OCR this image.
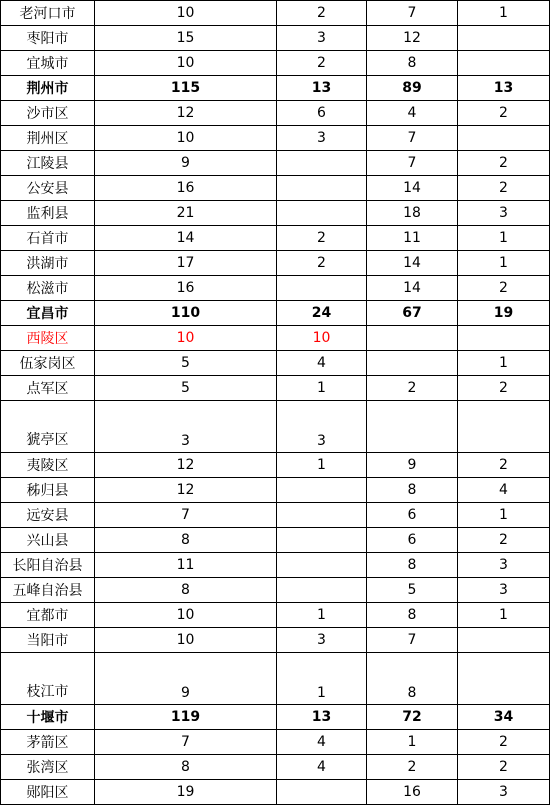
老河口市	10	2	7	1
枣阳市	15	3	12	
宜城市	10	2	8	
荆州市	115	13	89	13
沙市区	12	6	4	2
荆州区	10	3	7	
江陵县	9		7	2
公安县	16		14	2
监利县	21		18	3
石首市	14	2	11	1
洪湖市	17	2	14	1
松滋市	16		14	2
宜昌市	110	24	67	19
西陵区	10	10		
伍家岗区	5	4		1
点军区	5	1	2	2
猇亭区	3	3		
夷陵区	12	1	9	2
秭归县	12		8	4
远安县	7		6	1
兴山县	8		6	2
长阳自治县	11		8	3
五峰自治县	8		5	3
宜都市	10	1	8	1
当阳市	10	3	7	
枝江市	9	1	8	
十堰市	119	13	72	34
茅箭区	7	4	1	2
张湾区	8	4	2	2
郧阳区	19		16	3
